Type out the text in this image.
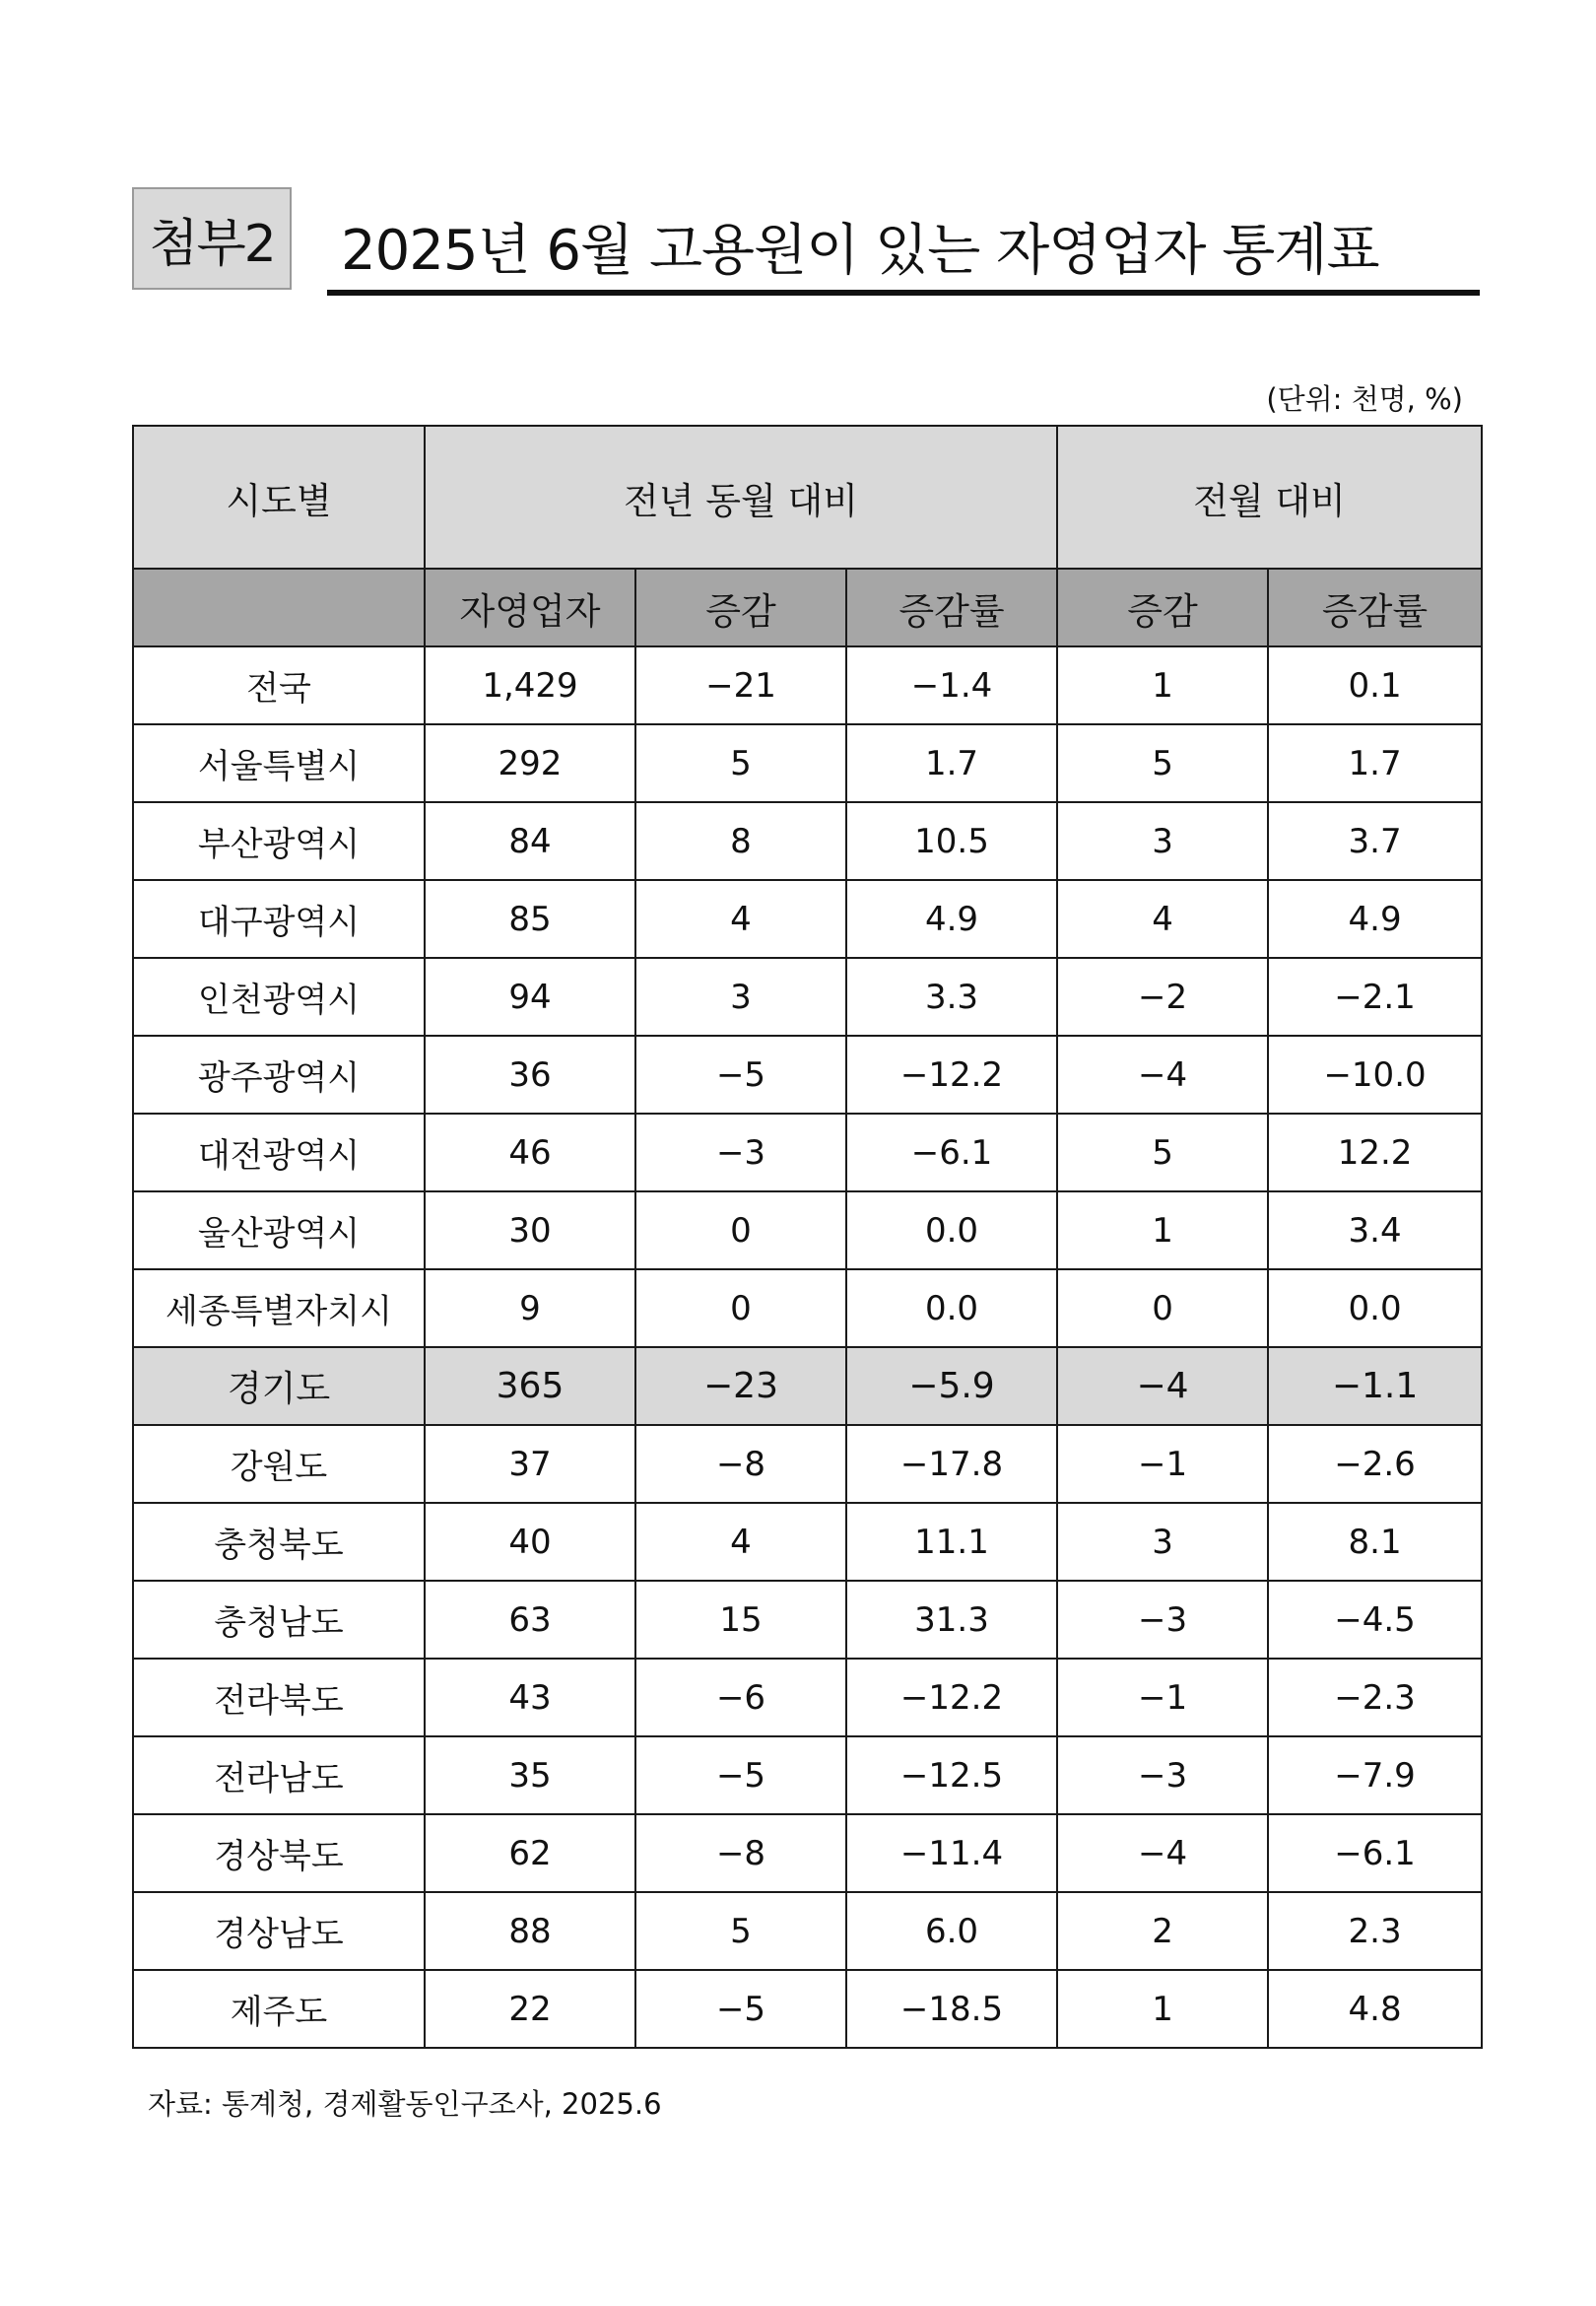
첨부2	2025년 6월 고용원이 있는 자영업자 통계표
(단위: 천명, %)
시도별	전년 동월 대비			전월 대비	
	자영업자	증감	증감률	증감	증감률
전국	1,429	−21	−1.4	1	0.1
서울특별시	292	5	1.7	5	1.7
부산광역시	84	8	10.5	3	3.7
대구광역시	85	4	4.9	4	4.9
인천광역시	94	3	3.3	−2	−2.1
광주광역시	36	−5	−12.2	−4	−10.0
대전광역시	46	−3	−6.1	5	12.2
울산광역시	30	0	0.0	1	3.4
세종특별자치시	9	0	0.0	0	0.0
경기도	365	−23	−5.9	−4	−1.1
강원도	37	−8	−17.8	−1	−2.6
충청북도	40	4	11.1	3	8.1
충청남도	63	15	31.3	−3	−4.5
전라북도	43	−6	−12.2	−1	−2.3
전라남도	35	−5	−12.5	−3	−7.9
경상북도	62	−8	−11.4	−4	−6.1
경상남도	88	5	6.0	2	2.3
제주도	22	−5	−18.5	1	4.8
자료: 통계청, 경제활동인구조사, 2025.6
